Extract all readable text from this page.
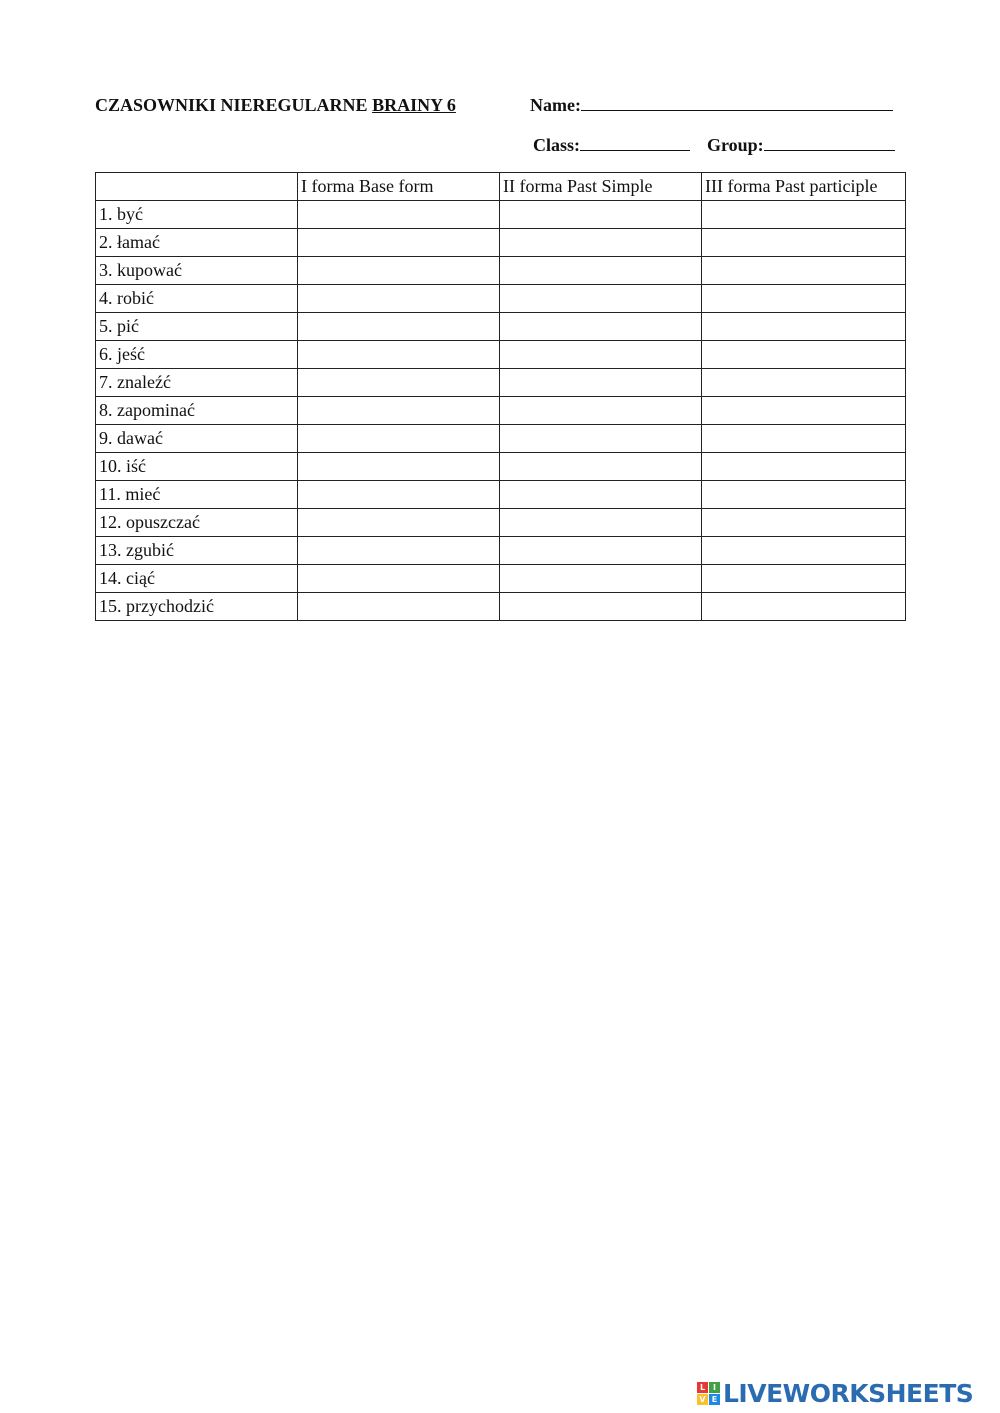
CZASOWNIKI NIEREGULARNE BRAINY 6	Name:
Class:	Group:
	I forma Base form	II forma Past Simple	III forma Past participle
1. być			
2. łamać			
3. kupować			
4. robić			
5. pić			
6. jeść			
7. znaleźć			
8. zapominać			
9. dawać			
10. iść			
11. mieć			
12. opuszczać			
13. zgubić			
14. ciąć			
15. przychodzić			
L I
V E LIVEWORKSHEETS
